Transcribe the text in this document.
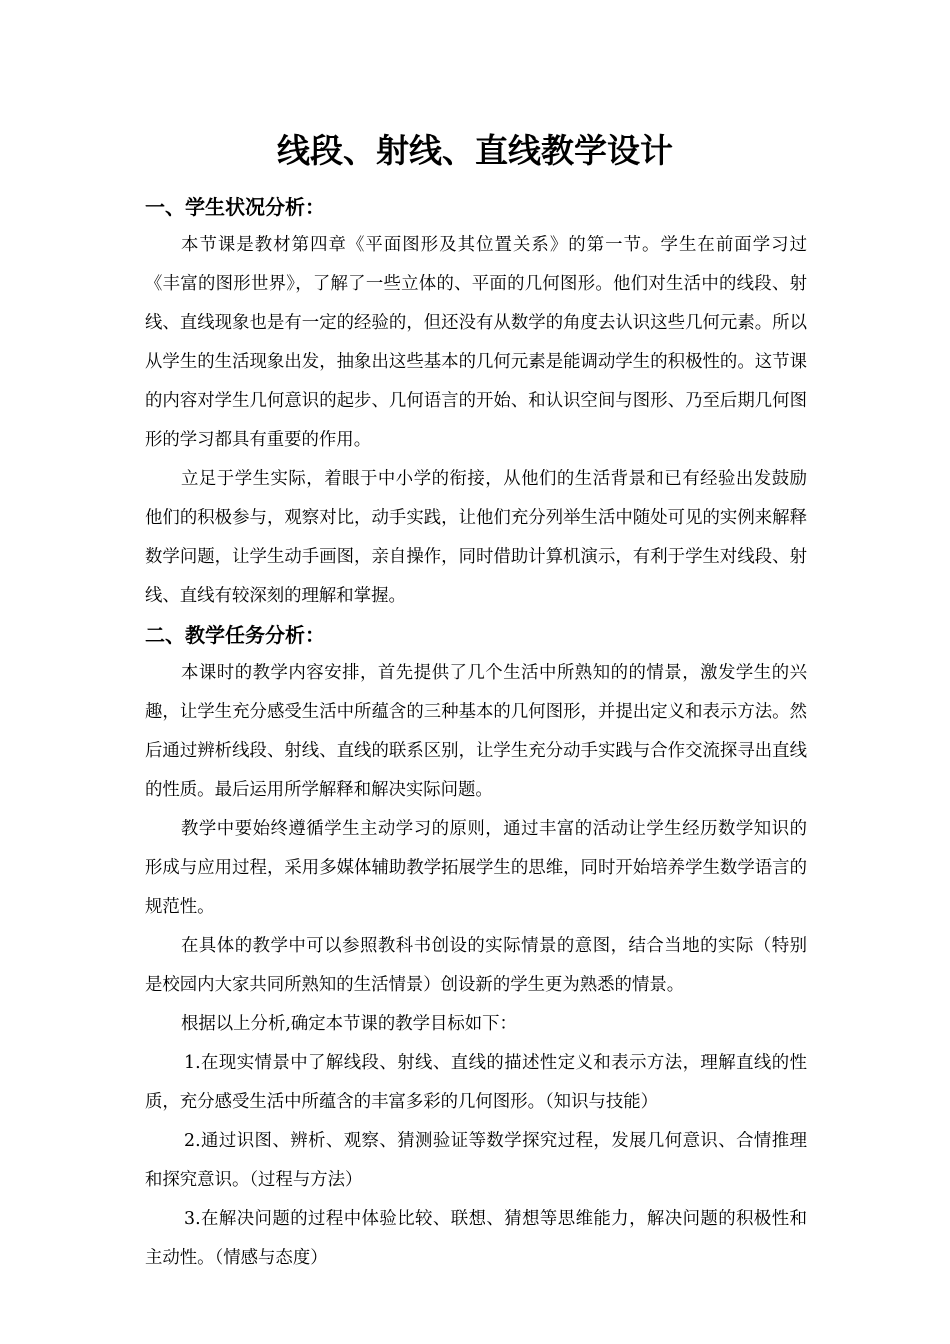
线段、射线、直线教学设计
一、学生状况分析：

本节课是教材第四章《平面图形及其位置关系》的第一节。学生在前面学习过《丰富的图形世界》，了解了一些立体的、平面的几何图形。他们对生活中的线段、射线、直线现象也是有一定的经验的，但还没有从数学的角度去认识这些几何元素。所以从学生的生活现象出发，抽象出这些基本的几何元素是能调动学生的积极性的。这节课的内容对学生几何意识的起步、几何语言的开始、和认识空间与图形、乃至后期几何图形的学习都具有重要的作用。

立足于学生实际，着眼于中小学的衔接，从他们的生活背景和已有经验出发鼓励他们的积极参与，观察对比，动手实践，让他们充分列举生活中随处可见的实例来解释数学问题，让学生动手画图，亲自操作，同时借助计算机演示，有利于学生对线段、射线、直线有较深刻的理解和掌握。

二、教学任务分析：

本课时的教学内容安排，首先提供了几个生活中所熟知的的情景，激发学生的兴趣，让学生充分感受生活中所蕴含的三种基本的几何图形，并提出定义和表示方法。然后通过辨析线段、射线、直线的联系区别，让学生充分动手实践与合作交流探寻出直线的性质。最后运用所学解释和解决实际问题。

教学中要始终遵循学生主动学习的原则，通过丰富的活动让学生经历数学知识的形成与应用过程，采用多媒体辅助教学拓展学生的思维，同时开始培养学生数学语言的规范性。

在具体的教学中可以参照教科书创设的实际情景的意图，结合当地的实际（特别是校园内大家共同所熟知的生活情景）创设新的学生更为熟悉的情景。

根据以上分析,确定本节课的教学目标如下：

1.在现实情景中了解线段、射线、直线的描述性定义和表示方法，理解直线的性质，充分感受生活中所蕴含的丰富多彩的几何图形。（知识与技能）

2.通过识图、辨析、观察、猜测验证等数学探究过程，发展几何意识、合情推理和探究意识。（过程与方法）

3.在解决问题的过程中体验比较、联想、猜想等思维能力，解决问题的积极性和主动性。（情感与态度）
